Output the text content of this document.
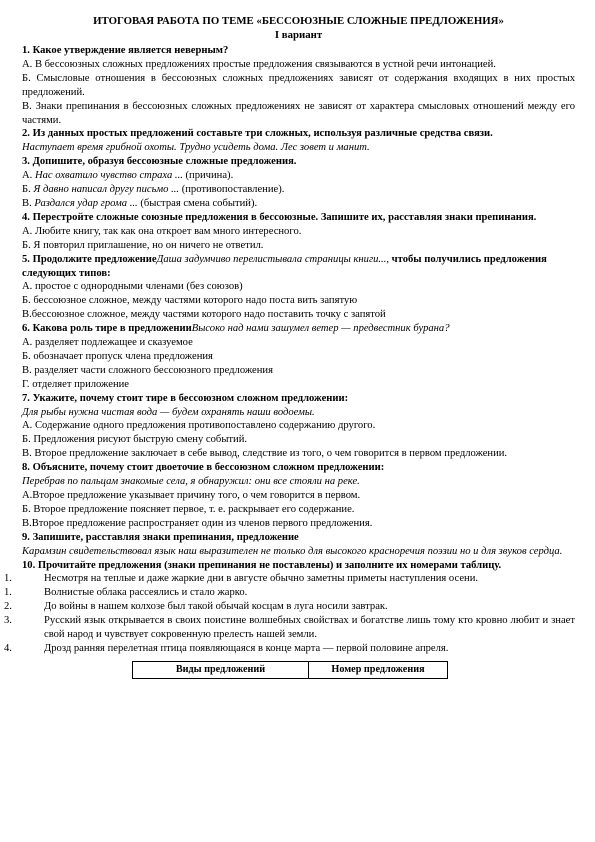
ИТОГОВАЯ РАБОТА ПО ТЕМЕ «БЕССОЮЗНЫЕ СЛОЖНЫЕ ПРЕДЛОЖЕНИЯ»
I вариант
1. Какое утверждение является неверным?
А. В бессоюзных сложных предложениях простые предложения связываются в устной речи интонацией.
Б. Смысловые отношения в бессоюзных сложных предложениях зависят от содержания входящих в них простых предложений.
В. Знаки препинания в бессоюзных сложных предложениях не зависят от характера смысловых отношений между его частями.
2. Из данных простых предложений составьте три сложных, используя различные средства связи.
Наступает время грибной охоты. Трудно усидеть дома. Лес зовет и манит.
3. Допишите, образуя бессоюзные сложные предложения.
А. Нас охватило чувство страха ... (причина).
Б. Я давно написал другу письмо ... (противопоставление).
В. Раздался удар грома ... (быстрая смена событий).
4. Перестройте сложные союзные предложения в бессоюзные. Запишите их, расставляя знаки препинания.
А. Любите книгу, так как она откроет вам много интересного.
Б. Я повторил приглашение, но он ничего не ответил.
5. Продолжите предложениеДаша задумчиво перелистывала страницы книги..., чтобы получились предложения следующих типов:
А. простое с однородными членами (без союзов)
Б. бессоюзное сложное, между частями которого надо поста вить запятую
В.бессоюзное сложное, между частями которого надо поставить точку с запятой
6. Какова роль тире в предложенииВысоко над нами зашумел ветер — предвестник бурана?
А. разделяет подлежащее и сказуемое
Б. обозначает пропуск члена предложения
В. разделяет части сложного бессоюзного предложения
Г. отделяет приложение
7. Укажите, почему стоит тире в бессоюзном сложном предложении:
Для рыбы нужна чистая вода — будем охранять наши водоемы.
А. Содержание одного предложения противопоставлено содержанию другого.
Б. Предложения рисуют быструю смену событий.
В. Второе предложение заключает в себе вывод, следствие из того, о чем говорится в первом предложении.
8. Объясните, почему стоит двоеточие в бессоюзном сложном предложении:
Перебрав по пальцам знакомые села, я обнаружил: они все стояли на реке.
А.Второе предложение указывает причину того, о чем говорится в первом.
Б. Второе предложение поясняет первое, т. е. раскрывает его содержание.
В.Второе предложение распространяет один из членов первого предложения.
9. Запишите, расставляя знаки препинания, предложение
Карамзин свидетельствовал язык наш выразителен не только для высокого красноречия поэзии но и для звуков сердца.
10. Прочитайте предложения (знаки препинания не поставлены) и заполните их номерами таблицу.
1.	Несмотря на теплые и даже жаркие дни в августе обычно заметны приметы наступления осени.
1.	Волнистые облака рассеялись и стало жарко.
2.	До войны в нашем колхозе был такой обычай косцам в луга носили завтрак.
3.	Русский язык открывается в своих поистине волшебных свойствах и богатстве лишь тому кто кровно любит и знает свой народ и чувствует сокровенную прелесть нашей земли.
4.	Дрозд ранняя перелетная птица появляющаяся в конце марта — первой половине апреля.
Виды предложений	Номер предложения
